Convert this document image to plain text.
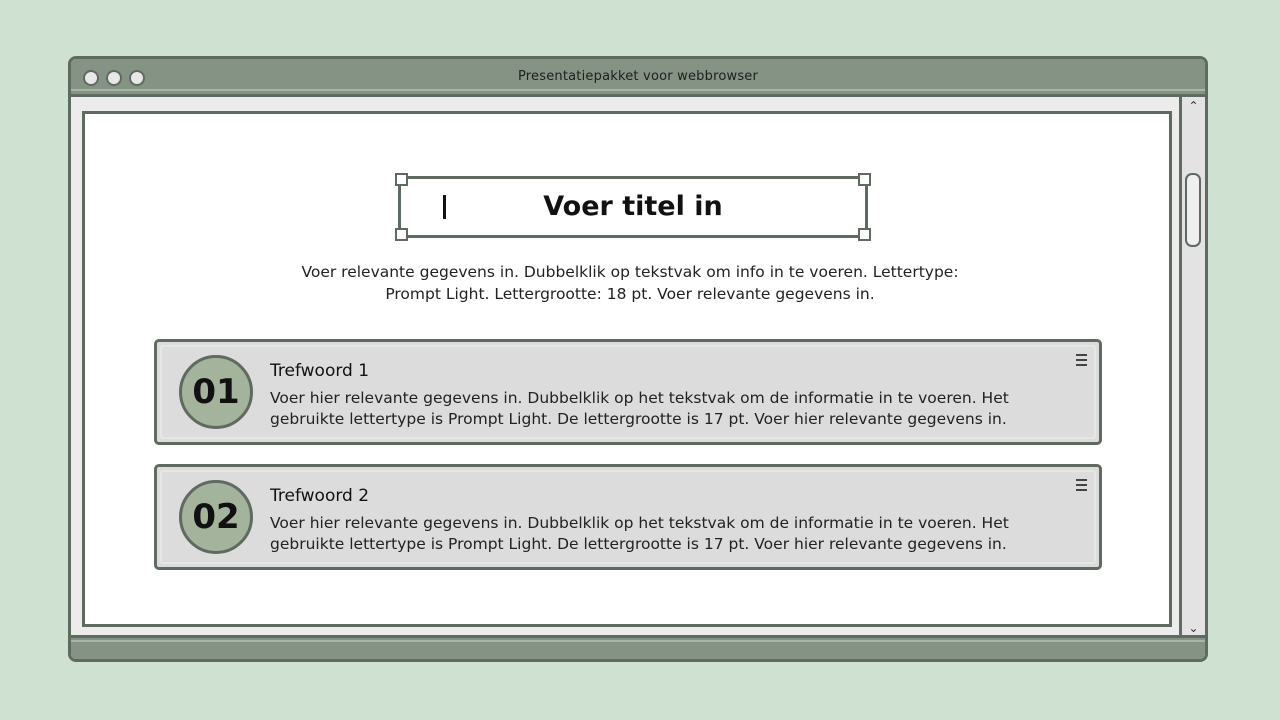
Presentatiepakket voor webbrowser
Voer titel in
Voer relevante gegevens in. Dubbelklik op tekstvak om info in te voeren. Lettertype: Prompt Light. Lettergrootte: 18 pt. Voer relevante gegevens in.
01
Trefwoord 1
Voer hier relevante gegevens in. Dubbelklik op het tekstvak om de informatie in te voeren. Het gebruikte lettertype is Prompt Light. De lettergrootte is 17 pt. Voer hier relevante gegevens in.
02
Trefwoord 2
Voer hier relevante gegevens in. Dubbelklik op het tekstvak om de informatie in te voeren. Het gebruikte lettertype is Prompt Light. De lettergrootte is 17 pt. Voer hier relevante gegevens in.
⌃
⌄
